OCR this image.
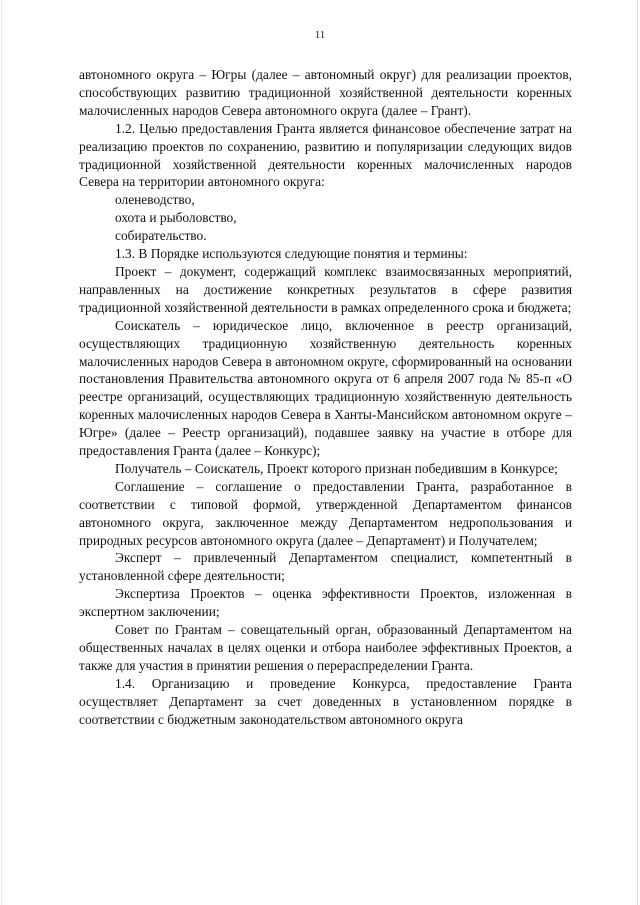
11

автономного округа – Югры (далее – автономный округ) для реализации проектов, способствующих развитию традиционной хозяйственной деятельности коренных малочисленных народов Севера автономного округа (далее – Грант).

1.2. Целью предоставления Гранта является финансовое обеспечение затрат на реализацию проектов по сохранению, развитию и популяризации следующих видов традиционной хозяйственной деятельности коренных малочисленных народов Севера на территории автономного округа:

оленеводство,

охота и рыболовство,

собирательство.

1.3. В Порядке используются следующие понятия и термины:

Проект – документ, содержащий комплекс взаимосвязанных мероприятий, направленных на достижение конкретных результатов в сфере развития традиционной хозяйственной деятельности в рамках определенного срока и бюджета;

Соискатель – юридическое лицо, включенное в реестр организаций, осуществляющих традиционную хозяйственную деятельность коренных малочисленных народов Севера в автономном округе, сформированный на основании постановления Правительства автономного округа от 6 апреля 2007 года № 85-п «О реестре организаций, осуществляющих традиционную хозяйственную деятельность коренных малочисленных народов Севера в Ханты-Мансийском автономном округе – Югре» (далее – Реестр организаций), подавшее заявку на участие в отборе для предоставления Гранта (далее – Конкурс);

Получатель – Соискатель, Проект которого признан победившим в Конкурсе;

Соглашение – соглашение о предоставлении Гранта, разработанное в соответствии с типовой формой, утвержденной Департаментом финансов автономного округа, заключенное между Департаментом недропользования и природных ресурсов автономного округа (далее – Департамент) и Получателем;

Эксперт – привлеченный Департаментом специалист, компетентный в установленной сфере деятельности;

Экспертиза Проектов – оценка эффективности Проектов, изложенная в экспертном заключении;

Совет по Грантам – совещательный орган, образованный Департаментом на общественных началах в целях оценки и отбора наиболее эффективных Проектов, а также для участия в принятии решения о перераспределении Гранта.

1.4. Организацию и проведение Конкурса, предоставление Гранта осуществляет Департамент за счет доведенных в установленном порядке в соответствии с бюджетным законодательством автономного округа
